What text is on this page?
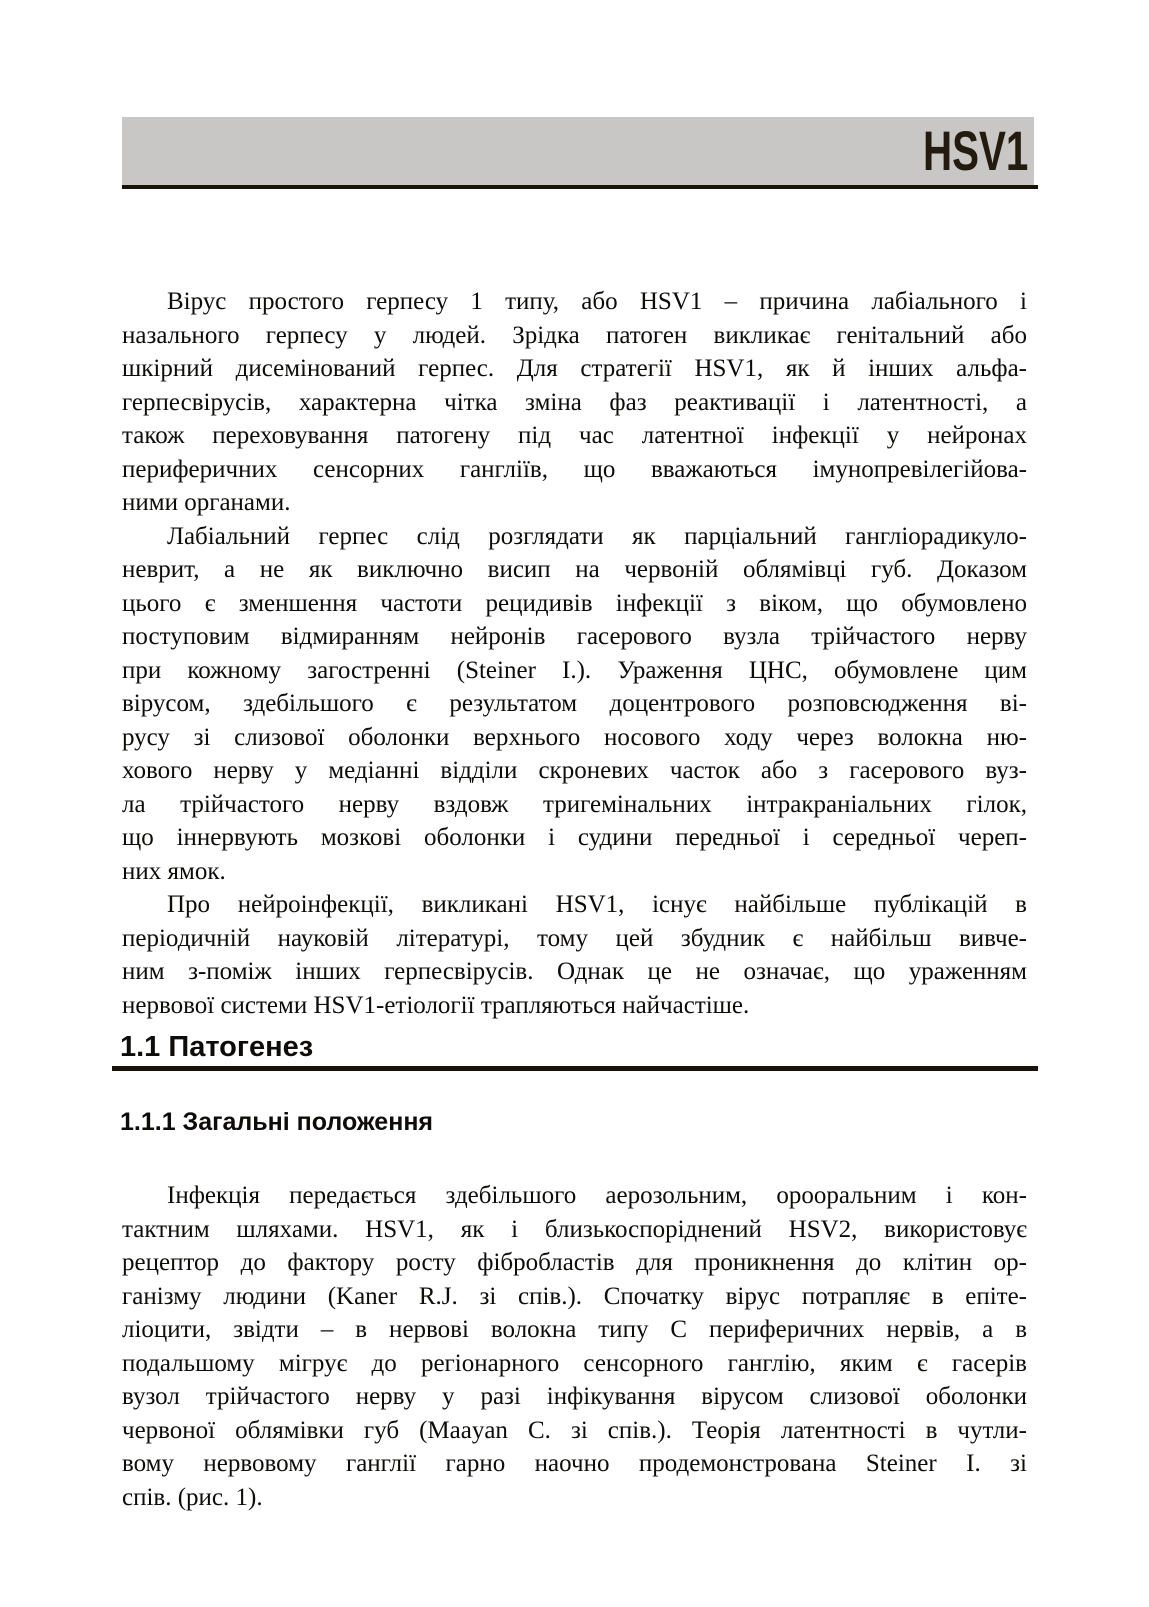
HSV1
Вірус простого герпесу 1 типу, або HSV1 – причина лабіального і
назального герпесу у людей. Зрідка патоген викликає генітальний або
шкірний дисемінований герпес. Для стратегії HSV1, як й інших альфа-
герпесвірусів, характерна чітка зміна фаз реактивації і латентності, а
також переховування патогену під час латентної інфекції у нейронах
периферичних сенсорних гангліїв, що вважаються імунопревілегійова-
ними органами.
Лабіальний герпес слід розглядати як парціальний гангліорадикуло-
неврит, а не як виключно висип на червоній облямівці губ. Доказом
цього є зменшення частоти рецидивів інфекції з віком, що обумовлено
поступовим відмиранням нейронів гасерового вузла трійчастого нерву
при кожному загостренні (Steiner I.). Ураження ЦНС, обумовлене цим
вірусом, здебільшого є результатом доцентрового розповсюдження ві-
русу зі слизової оболонки верхнього носового ходу через волокна ню-
хового нерву у медіанні відділи скроневих часток або з гасерового вуз-
ла трійчастого нерву вздовж тригемінальних інтракраніальних гілок,
що іннервують мозкові оболонки і судини передньої і середньої череп-
них ямок.
Про нейроінфекції, викликані HSV1, існує найбільше публікацій в
періодичній науковій літературі, тому цей збудник є найбільш вивче-
ним з-поміж інших герпесвірусів. Однак це не означає, що ураженням
нервової системи HSV1-етіології трапляються найчастіше.
1.1 Патогенез
1.1.1 Загальні положення
Інфекція передається здебільшого аерозольним, орооральним і кон-
тактним шляхами. HSV1, як і близькоспоріднений HSV2, використовує
рецептор до фактору росту фібробластів для проникнення до клітин ор-
ганізму людини (Kaner R.J. зі спів.). Спочатку вірус потрапляє в епіте-
ліоцити, звідти – в нервові волокна типу С периферичних нервів, а в
подальшому мігрує до регіонарного сенсорного ганглію, яким є гасерів
вузол трійчастого нерву у разі інфікування вірусом слизової оболонки
червоної облямівки губ (Maayan C. зі спів.). Теорія латентності в чутли-
вому нервовому ганглії гарно наочно продемонстрована Steiner I. зі
спів. (рис. 1).
